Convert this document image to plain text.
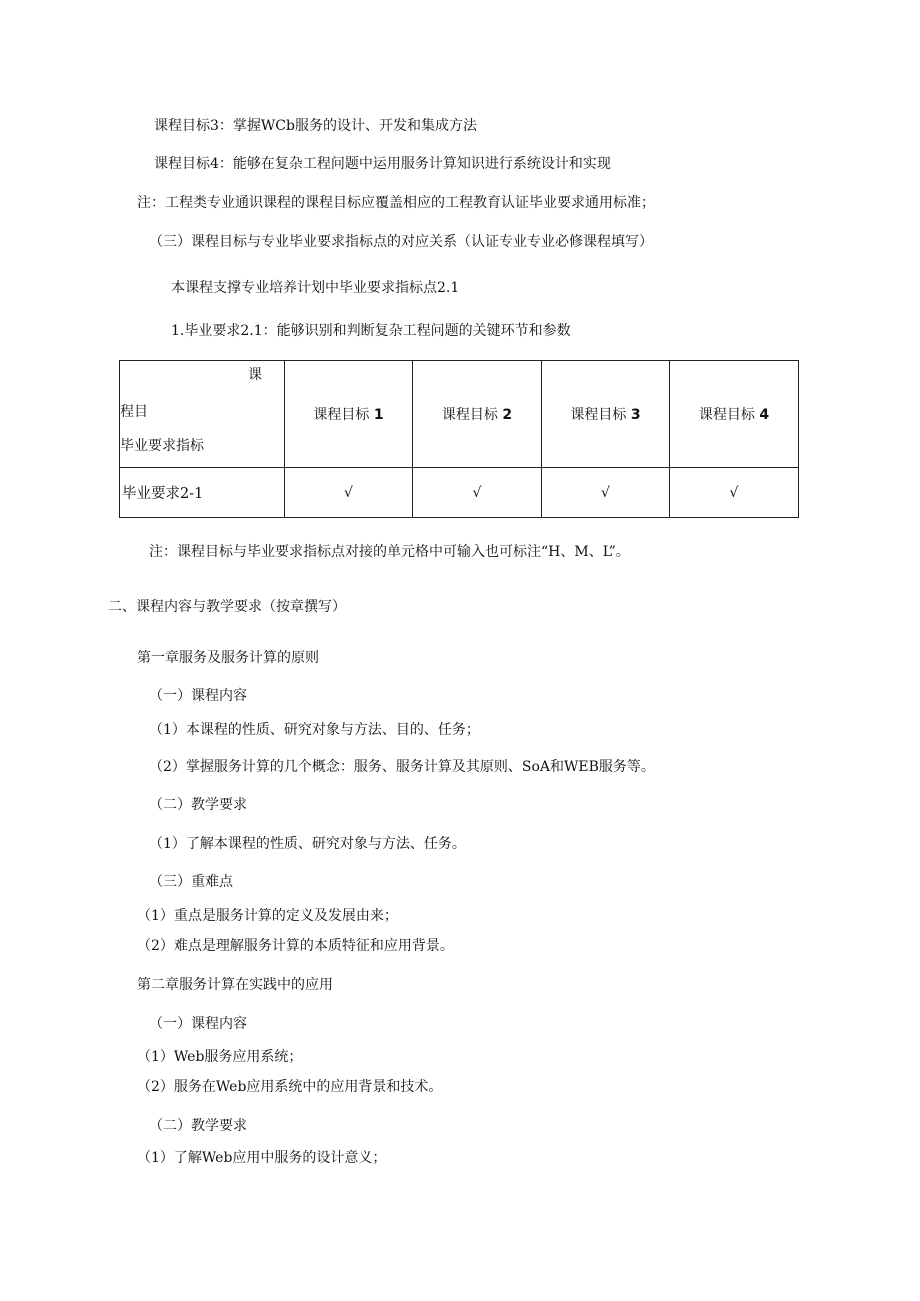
课程目标3：掌握WCb服务的设计、开发和集成方法
课程目标4：能够在复杂工程问题中运用服务计算知识进行系统设计和实现
注：工程类专业通识课程的课程目标应覆盖相应的工程教育认证毕业要求通用标准；
（三）课程目标与专业毕业要求指标点的对应关系（认证专业专业必修课程填写）
本课程支撑专业培养计划中毕业要求指标点2.1
1.毕业要求2.1：能够识别和判断复杂工程问题的关键环节和参数
课
程目
毕业要求指标	课程目标 1	课程目标 2	课程目标 3	课程目标 4
毕业要求2-1	√	√	√	√
注：课程目标与毕业要求指标点对接的单元格中可输入也可标注“H、M、L”。
二、课程内容与教学要求（按章撰写）
第一章服务及服务计算的原则
（一）课程内容
（1）本课程的性质、研究对象与方法、目的、任务；
（2）掌握服务计算的几个概念：服务、服务计算及其原则、SoA和WEB服务等。
（二）教学要求
（1）了解本课程的性质、研究对象与方法、任务。
（三）重难点
（1）重点是服务计算的定义及发展由来；
（2）难点是理解服务计算的本质特征和应用背景。
第二章服务计算在实践中的应用
（一）课程内容
（1）Web服务应用系统；
（2）服务在Web应用系统中的应用背景和技术。
（二）教学要求
（1）了解Web应用中服务的设计意义；
